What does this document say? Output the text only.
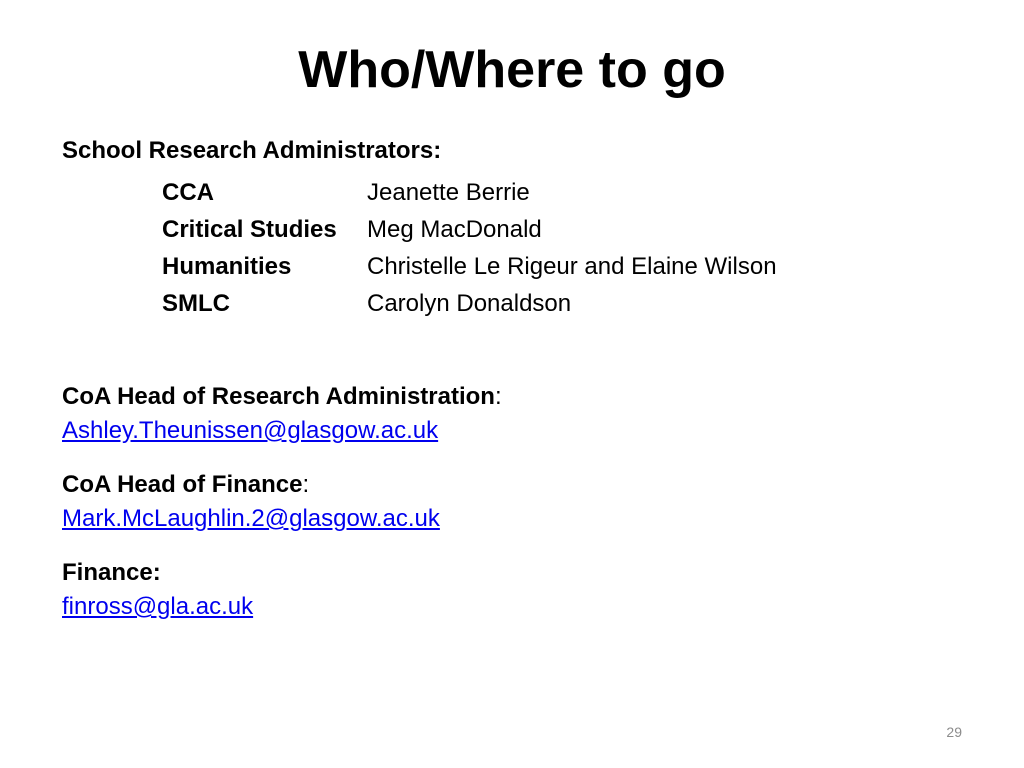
Who/Where to go

School Research Administrators:

CCA	Jeanette Berrie
Critical Studies	Meg MacDonald
Humanities	Christelle Le Rigeur and Elaine Wilson
SMLC	Carolyn Donaldson
CoA Head of Research Administration:
Ashley.Theunissen@glasgow.ac.uk
CoA Head of Finance:
Mark.McLaughlin.2@glasgow.ac.uk
Finance:
finross@gla.ac.uk
29
